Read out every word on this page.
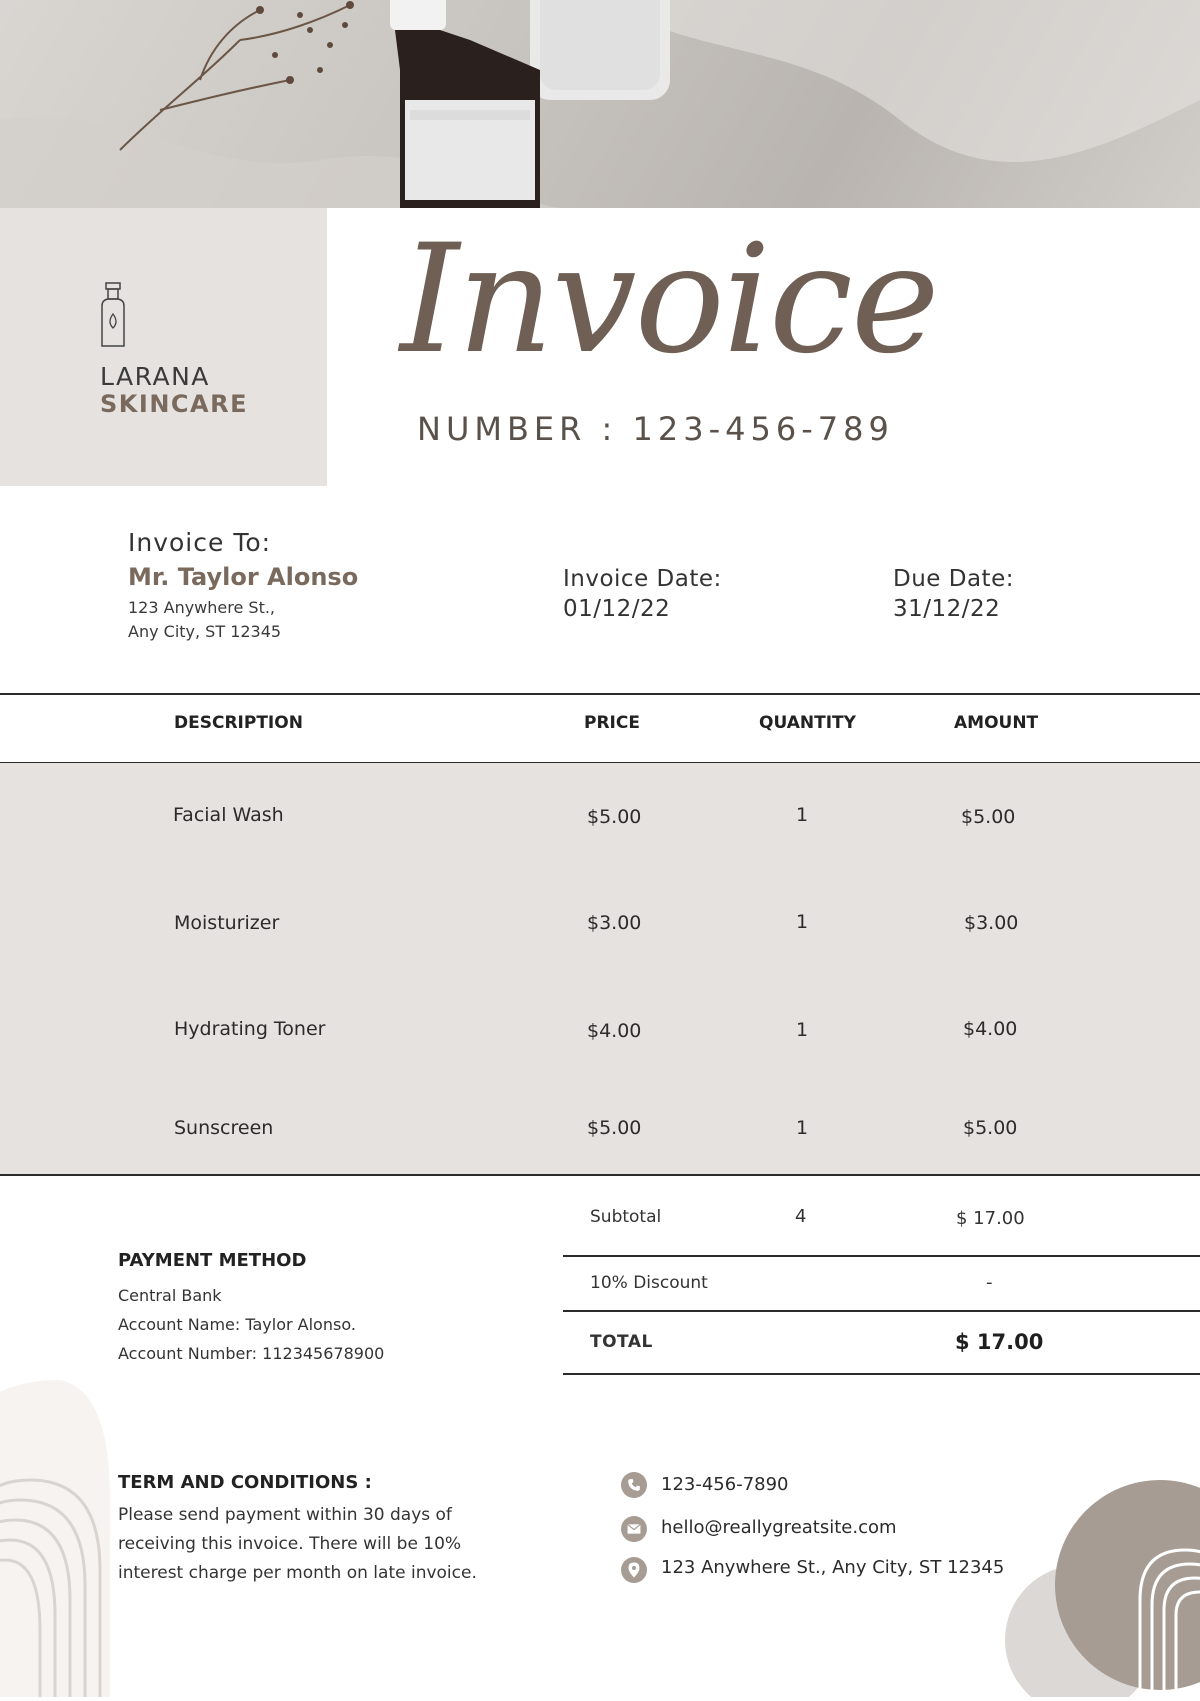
LARANA
SKINCARE
Invoice
NUMBER : 123-456-789
Invoice To:
Mr. Taylor Alonso
123 Anywhere St.,
Any City, ST 12345
Invoice Date:
01/12/22
Due Date:
31/12/22
DESCRIPTION	PRICE	QUANTITY	AMOUNT
Facial Wash	$5.00	1	$5.00
Moisturizer	$3.00	1	$3.00
Hydrating Toner	$4.00	1	$4.00
Sunscreen	$5.00	1	$5.00
Subtotal	4	$ 17.00
10% Discount	-
TOTAL	$ 17.00
PAYMENT METHOD
Central Bank
Account Name: Taylor Alonso.
Account Number: 112345678900
TERM AND CONDITIONS :
Please send payment within 30 days of
receiving this invoice. There will be 10%
interest charge per month on late invoice.
123-456-7890
hello@reallygreatsite.com
123 Anywhere St., Any City, ST 12345
